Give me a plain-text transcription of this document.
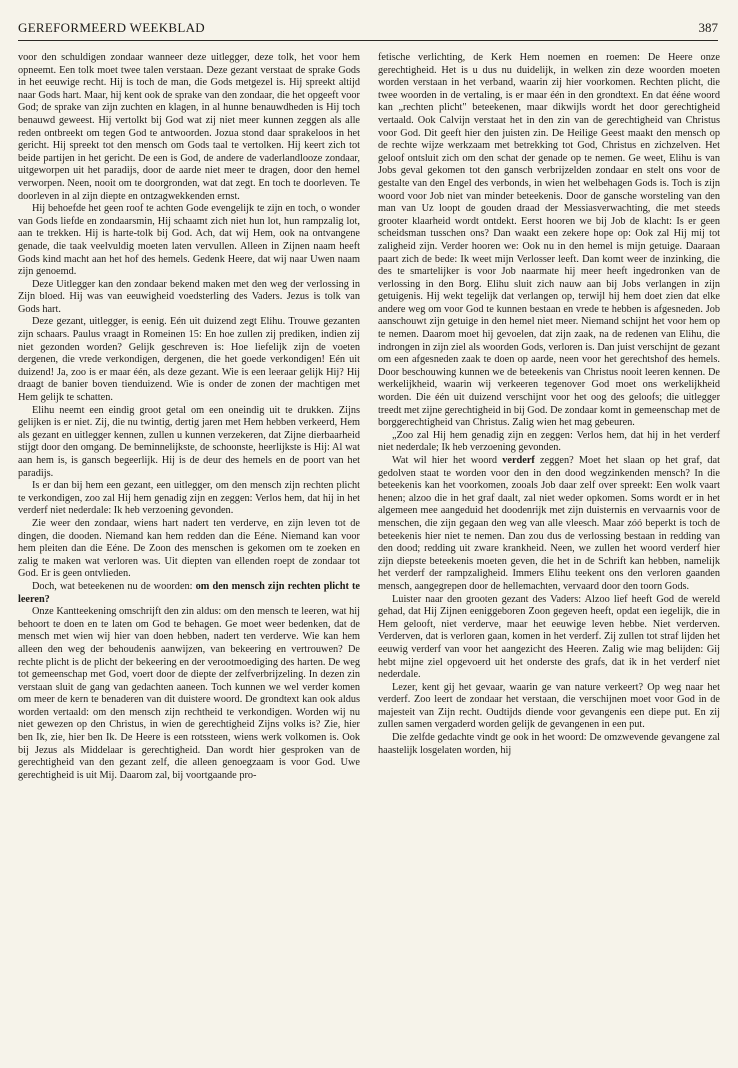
GEREFORMEERD WEEKBLAD	387

voor den schuldigen zondaar wanneer deze uitlegger, deze tolk, het voor hem opneemt. Een tolk moet twee talen verstaan. Deze gezant verstaat de sprake Gods in het eeuwige recht. Hij is toch de man, die Gods metgezel is. Hij spreekt altijd naar Gods hart. Maar, hij kent ook de sprake van den zondaar, die het opgeeft voor God; de sprake van zijn zuchten en klagen, in al hunne benauwdheden is Hij toch benauwd geweest. Hij vertolkt bij God wat zij niet meer kunnen zeggen als alle reden ontbreekt om tegen God te antwoorden. Jozua stond daar sprakeloos in het gericht. Hij spreekt tot den mensch om Gods taal te vertolken. Hij keert zich tot beide partijen in het gericht. De een is God, de andere de vaderlandlooze zondaar, uitgeworpen uit het paradijs, door de aarde niet meer te dragen, door den hemel verworpen. Neen, nooit om te doorgronden, wat dat zegt. En toch te doorleven. Te doorleven in al zijn diepte en ontzagwekkenden ernst.

Hij behoefde het geen roof te achten Gode evengelijk te zijn en toch, o wonder van Gods liefde en zondaarsmin, Hij schaamt zich niet hun lot, hun rampzalig lot, aan te trekken. Hij is harte-tolk bij God. Ach, dat wij Hem, ook na ontvangene genade, die taak veelvuldig moeten laten vervullen. Alleen in Zijnen naam heeft Gods kind macht aan het hof des hemels. Gedenk Heere, dat wij naar Uwen naam zijn genoemd.

Deze Uitlegger kan den zondaar bekend maken met den weg der verlossing in Zijn bloed. Hij was van eeuwigheid voedsterling des Vaders. Jezus is tolk van Gods hart.

Deze gezant, uitlegger, is eenig. Eén uit duizend zegt Elihu. Trouwe gezanten zijn schaars. Paulus vraagt in Romeinen 15: En hoe zullen zij prediken, indien zij niet gezonden worden? Gelijk geschreven is: Hoe liefelijk zijn de voeten dergenen, die vrede verkondigen, dergenen, die het goede verkondigen! Eén uit duizend! Ja, zoo is er maar één, als deze gezant. Wie is een leeraar gelijk Hij? Hij draagt de banier boven tienduizend. Wie is onder de zonen der machtigen met Hem gelijk te schatten.

Elihu neemt een eindig groot getal om een oneindig uit te drukken. Zijns gelijken is er niet. Zij, die nu twintig, dertig jaren met Hem hebben verkeerd, Hem als gezant en uitlegger kennen, zullen u kunnen verzekeren, dat Zijne dierbaarheid stijgt door den omgang. De beminnelijkste, de schoonste, heerlijkste is Hij: Al wat aan hem is, is gansch begeerlijk. Hij is de deur des hemels en de poort van het paradijs.

Is er dan bij hem een gezant, een uitlegger, om den mensch zijn rechten plicht te verkondigen, zoo zal Hij hem genadig zijn en zeggen: Verlos hem, dat hij in het verderf niet nederdale: Ik heb verzoening gevonden.

Zie weer den zondaar, wiens hart nadert ten verderve, en zijn leven tot de dingen, die dooden. Niemand kan hem redden dan die Eéne. Niemand kan voor hem pleiten dan die Eéne. De Zoon des menschen is gekomen om te zoeken en zalig te maken wat verloren was. Uit diepten van ellenden roept de zondaar tot God. Er is geen ontvlieden.

Doch, wat beteekenen nu de woorden: om den mensch zijn rechten plicht te leeren?

Onze Kantteekening omschrijft den zin aldus: om den mensch te leeren, wat hij behoort te doen en te laten om God te behagen. Ge moet weer bedenken, dat de mensch met wien wij hier van doen hebben, nadert ten verderve. Wie kan hem alleen den weg der behoudenis aanwijzen, van bekeering en vertrouwen? De rechte plicht is de plicht der bekeering en der verootmoediging des harten. De weg tot gemeenschap met God, voert door de diepte der zelfverbrijzeling. In dezen zin verstaan sluit de gang van gedachten aaneen. Toch kunnen we wel verder komen om meer de kern te benaderen van dit duistere woord. De grondtext kan ook aldus worden vertaald: om den mensch zijn rechtheid te verkondigen. Worden wij nu niet gewezen op den Christus, in wien de gerechtigheid Zijns volks is? Zie, hier ben Ik, zie, hier ben Ik. De Heere is een rotssteen, wiens werk volkomen is. Ook bij Jezus als Middelaar is gerechtigheid. Dan wordt hier gesproken van de gerechtigheid van den gezant zelf, die alleen genoegzaam is voor God. Uwe gerechtigheid is uit Mij. Daarom zal, bij voortgaande pro-

fetische verlichting, de Kerk Hem noemen en roemen: De Heere onze gerechtigheid. Het is u dus nu duidelijk, in welken zin deze woorden moeten worden verstaan in het verband, waarin zij hier voorkomen. Rechten plicht, die twee woorden in de vertaling, is er maar één in den grondtext. En dat ééne woord kan „rechten plicht" beteekenen, maar dikwijls wordt het door gerechtigheid vertaald. Ook Calvijn verstaat het in den zin van de gerechtigheid van Christus voor God. Dit geeft hier den juisten zin. De Heilige Geest maakt den mensch op de rechte wijze werkzaam met betrekking tot God, Christus en zichzelven. Het geloof ontsluit zich om den schat der genade op te nemen. Ge weet, Elihu is van Jobs geval gekomen tot den gansch verbrijzelden zondaar en stelt ons voor de gestalte van den Engel des verbonds, in wien het welbehagen Gods is. Toch is zijn woord voor Job niet van minder beteekenis. Door de gansche worsteling van den man van Uz loopt de gouden draad der Messiasverwachting, die met steeds grooter klaarheid wordt ontdekt. Eerst hooren we bij Job de klacht: Is er geen scheidsman tusschen ons? Dan waakt een zekere hope op: Ook zal Hij mij tot zaligheid zijn. Verder hooren we: Ook nu in den hemel is mijn getuige. Daaraan paart zich de bede: Ik weet mijn Verlosser leeft. Dan komt weer de inzinking, die des te smartelijker is voor Job naarmate hij meer heeft ingedronken van de verlossing in den Borg. Elihu sluit zich nauw aan bij Jobs verlangen in zijn getuigenis. Hij wekt tegelijk dat verlangen op, terwijl hij hem doet zien dat elke andere weg om voor God te kunnen bestaan en vrede te hebben is afgesneden. Job aanschouwt zijn getuige in den hemel niet meer. Niemand schijnt het voor hem op te nemen. Daarom moet hij gevoelen, dat zijn zaak, na de redenen van Elihu, die indrongen in zijn ziel als woorden Gods, verloren is. Dan juist verschijnt de gezant om een afgesneden zaak te doen op aarde, neen voor het gerechtshof des hemels. Door beschouwing kunnen we de beteekenis van Christus nooit leeren kennen. De werkelijkheid, waarin wij verkeeren tegenover God moet ons werkelijkheid worden. Die één uit duizend verschijnt voor het oog des geloofs; die uitlegger treedt met zijne gerechtigheid in bij God. De zondaar komt in gemeenschap met de borggerechtigheid van Christus. Zalig wien het mag gebeuren.

„Zoo zal Hij hem genadig zijn en zeggen: Verlos hem, dat hij in het verderf niet nederdale; Ik heb verzoening gevonden.

Wat wil hier het woord verderf zeggen? Moet het slaan op het graf, dat gedolven staat te worden voor den in den dood wegzinkenden mensch? In die beteekenis kan het voorkomen, zooals Job daar zelf over spreekt: Een wolk vaart henen; alzoo die in het graf daalt, zal niet weder opkomen. Soms wordt er in het algemeen mee aangeduid het doodenrijk met zijn duisternis en vervaarnis voor de menschen, die zijn gegaan den weg van alle vleesch. Maar zóó beperkt is toch de beteekenis hier niet te nemen. Dan zou dus de verlossing bestaan in redding van den dood; redding uit zware krankheid. Neen, we zullen het woord verderf hier zijn diepste beteekenis moeten geven, die het in de Schrift kan hebben, namelijk het verderf der rampzaligheid. Immers Elihu teekent ons den verloren gaanden mensch, aangegrepen door de hellemachten, vervaard door den toorn Gods.

Luister naar den grooten gezant des Vaders: Alzoo lief heeft God de wereld gehad, dat Hij Zijnen eeniggeboren Zoon gegeven heeft, opdat een iegelijk, die in Hem gelooft, niet verderve, maar het eeuwige leven hebbe. Niet verderven. Verderven, dat is verloren gaan, komen in het verderf. Zij zullen tot straf lijden het eeuwig verderf van voor het aangezicht des Heeren. Zalig wie mag belijden: Gij hebt mijne ziel opgevoerd uit het onderste des grafs, dat ik in het verderf niet nederdale.

Lezer, kent gij het gevaar, waarin ge van nature verkeert? Op weg naar het verderf. Zoo leert de zondaar het verstaan, die verschijnen moet voor God in de majesteit van Zijn recht. Oudtijds diende voor gevangenis een diepe put. En zij zullen samen vergaderd worden gelijk de gevangenen in een put.

Die zelfde gedachte vindt ge ook in het woord: De omzwevende gevangene zal haastelijk losgelaten worden, hij
